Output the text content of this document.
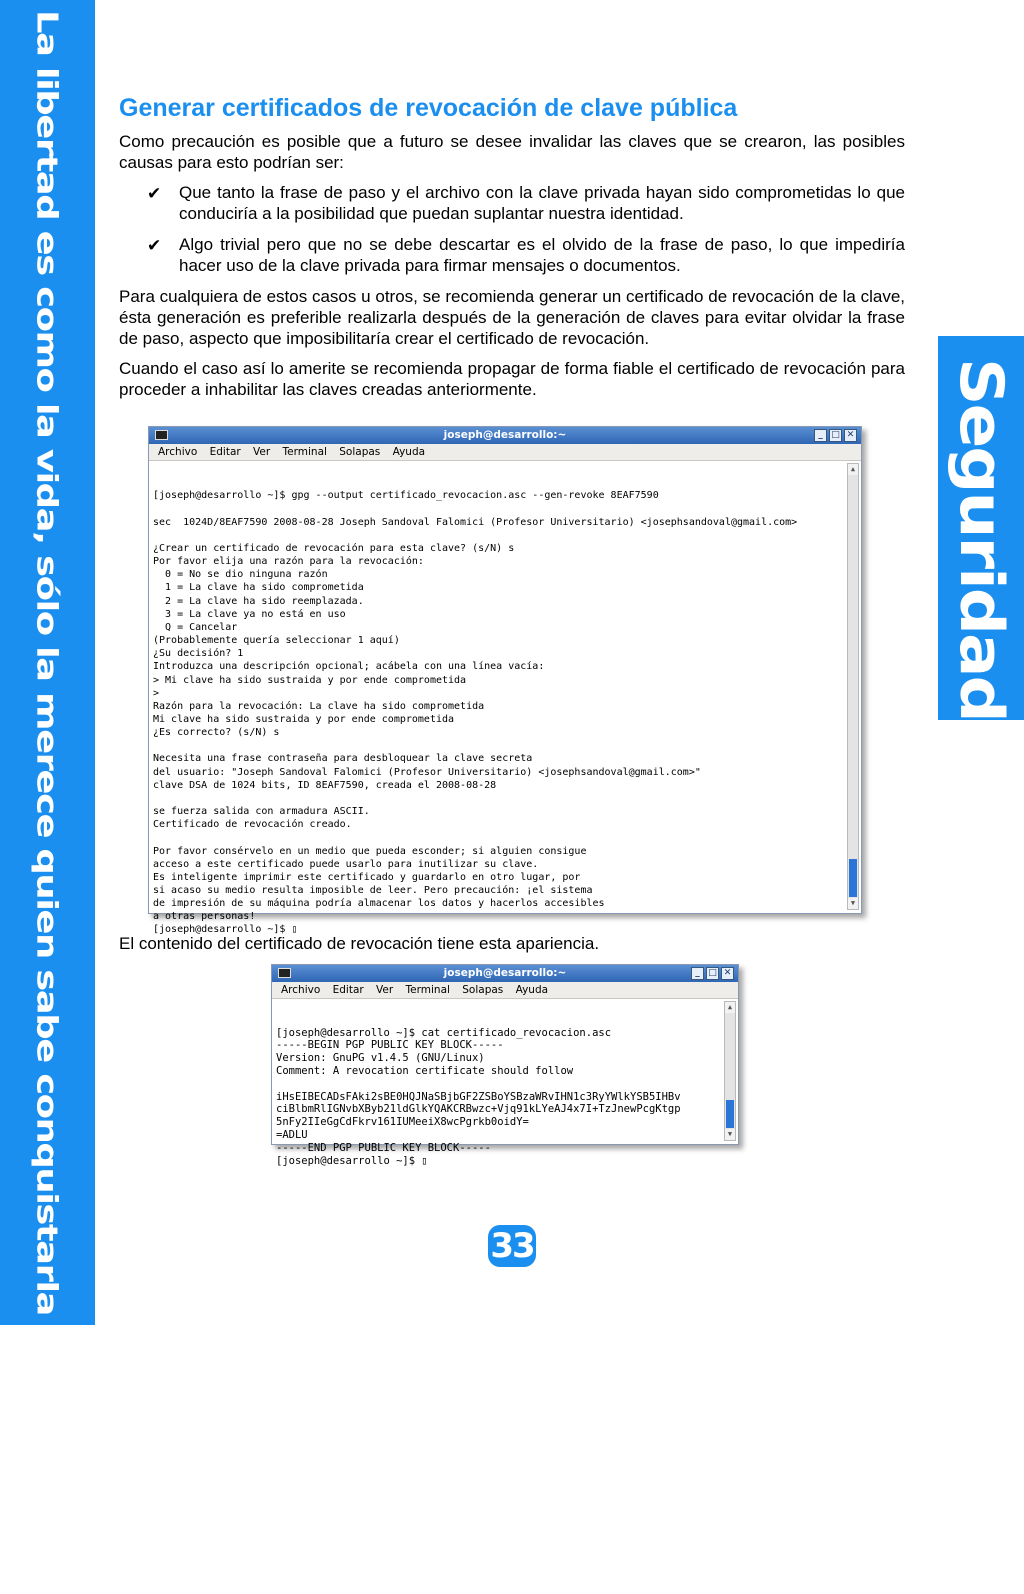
La libertad es como la vida, sólo la merece quien sabe conquistarla todos los días	Seguridad
Generar certificados de revocación de clave pública

Como precaución es posible que a futuro se desee invalidar las claves que se crearon, las posibles causas para esto podrían ser:

✔ Que tanto la frase de paso y el archivo con la clave privada hayan sido comprometidas lo que conduciría a la posibilidad que puedan suplantar nuestra identidad.
✔ Algo trivial pero que no se debe descartar es el olvido de la frase de paso, lo que impediría hacer uso de la clave privada para firmar mensajes o documentos.

Para cualquiera de estos casos u otros, se recomienda generar un certificado de revocación de la clave, ésta generación es preferible realizarla después de la generación de claves para evitar olvidar la frase de paso, aspecto que imposibilitaría crear el certificado de revocación.

Cuando el caso así lo amerite se recomienda propagar de forma fiable el certificado de revocación para proceder a inhabilitar las claves creadas anteriormente.

joseph@desarrollo:~	_ □ ✕
Archivo Editar Ver Terminal Solapas Ayuda

[joseph@desarrollo ~]$ gpg --output certificado_revocacion.asc --gen-revoke 8EAF7590

sec  1024D/8EAF7590 2008-08-28 Joseph Sandoval Falomici (Profesor Universitario) <josephsandoval@gmail.com>

¿Crear un certificado de revocación para esta clave? (s/N) s
Por favor elija una razón para la revocación:
0 = No se dio ninguna razón
1 = La clave ha sido comprometida
2 = La clave ha sido reemplazada.
3 = La clave ya no está en uso
Q = Cancelar
(Probablemente quería seleccionar 1 aquí)
¿Su decisión? 1
Introduzca una descripción opcional; acábela con una línea vacía:
> Mi clave ha sido sustraida y por ende comprometida
>
Razón para la revocación: La clave ha sido comprometida
Mi clave ha sido sustraida y por ende comprometida
¿Es correcto? (s/N) s

Necesita una frase contraseña para desbloquear la clave secreta
del usuario: "Joseph Sandoval Falomici (Profesor Universitario) <josephsandoval@gmail.com>"
clave DSA de 1024 bits, ID 8EAF7590, creada el 2008-08-28

se fuerza salida con armadura ASCII.
Certificado de revocación creado.

Por favor consérvelo en un medio que pueda esconder; si alguien consigue
acceso a este certificado puede usarlo para inutilizar su clave.
Es inteligente imprimir este certificado y guardarlo en otro lugar, por
si acaso su medio resulta imposible de leer. Pero precaución: ¡el sistema
de impresión de su máquina podría almacenar los datos y hacerlos accesibles
a otras personas!
[joseph@desarrollo ~]$ ▯

▲

▼

El contenido del certificado de revocación tiene esta apariencia.

joseph@desarrollo:~	_ □ ✕
Archivo Editar Ver Terminal Solapas Ayuda

[joseph@desarrollo ~]$ cat certificado_revocacion.asc
-----BEGIN PGP PUBLIC KEY BLOCK-----
Version: GnuPG v1.4.5 (GNU/Linux)
Comment: A revocation certificate should follow

iHsEIBECADsFAki2sBE0HQJNaSBjbGF2ZSBoYSBzaWRvIHN1c3RyYWlkYSB5IHBv
ciBlbmRlIGNvbXByb21ldGlkYQAKCRBwzc+Vjq91kLYeAJ4x7I+TzJnewPcgKtgp
5nFy2IIeGgCdFkrv161IUMeeiX8wcPgrkb0oidY=
=ADLU
-----END PGP PUBLIC KEY BLOCK-----
[joseph@desarrollo ~]$ ▯

▲

▼

33
